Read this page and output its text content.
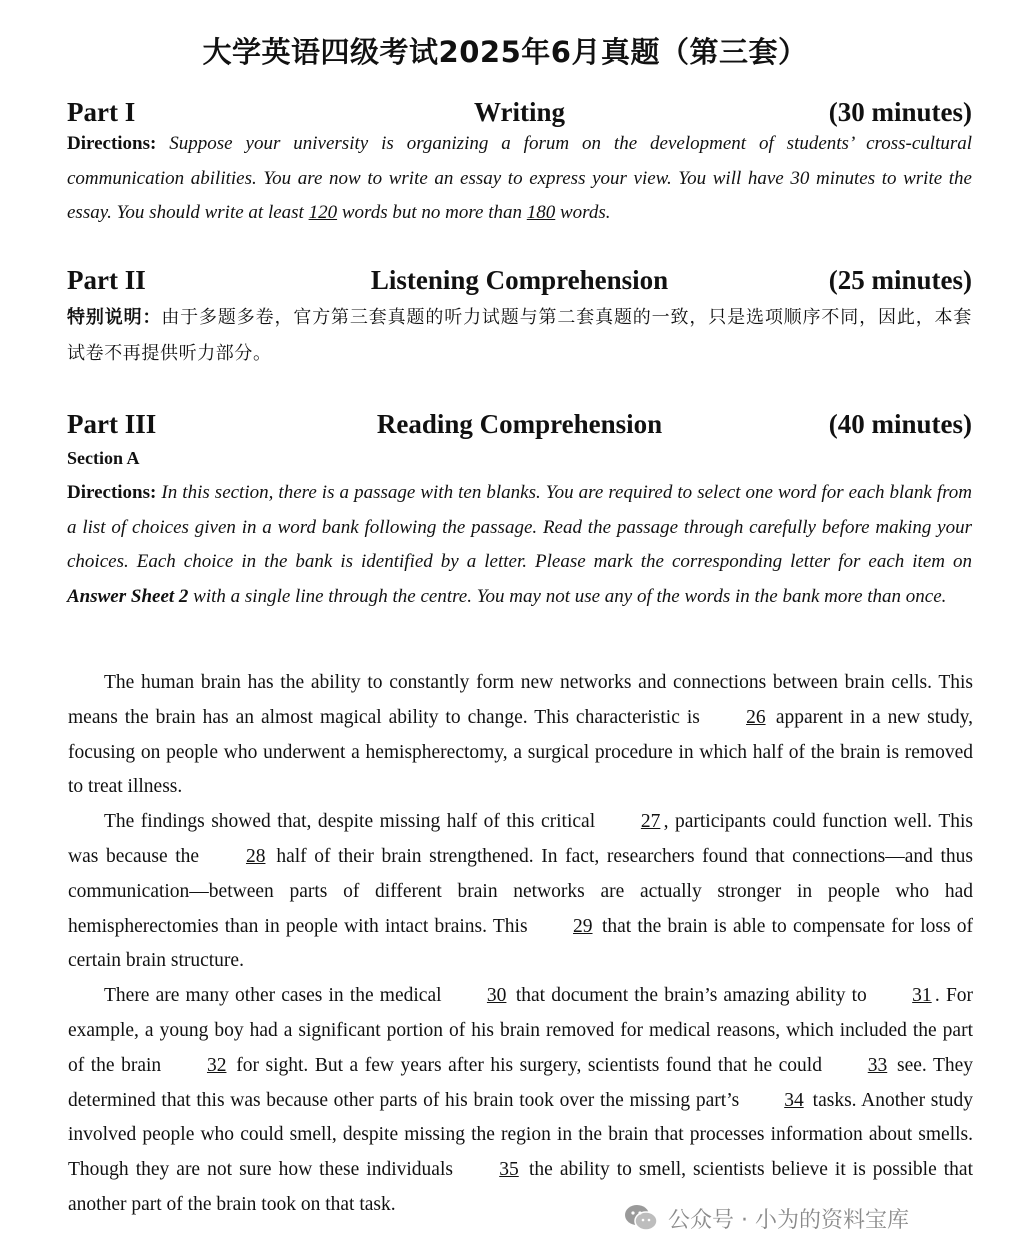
大学英语四级考试2025年6月真题（第三套）
Part I	Writing	(30 minutes)
Directions: Suppose your university is organizing a forum on the development of students’ cross-cultural communication abilities. You are now to write an essay to express your view. You will have 30 minutes to write the essay. You should write at least 120 words but no more than 180 words.
Part II	Listening Comprehension	(25 minutes)
特别说明：由于多题多卷，官方第三套真题的听力试题与第二套真题的一致，只是选项顺序不同，因此，本套试卷不再提供听力部分。
Part III	Reading Comprehension	(40 minutes)
Section A
Directions: In this section, there is a passage with ten blanks. You are required to select one word for each blank from a list of choices given in a word bank following the passage. Read the passage through carefully before making your choices. Each choice in the bank is identified by a letter. Please mark the corresponding letter for each item on Answer Sheet 2 with a single line through the centre. You may not use any of the words in the bank more than once.

The human brain has the ability to constantly form new networks and connections between brain cells. This means the brain has an almost magical ability to change. This characteristic is 26 apparent in a new study, focusing on people who underwent a hemispherectomy, a surgical procedure in which half of the brain is removed to treat illness.

The findings showed that, despite missing half of this critical 27 , participants could function well. This was because the 28 half of their brain strengthened. In fact, researchers found that connections—and thus communication—between parts of different brain networks are actually stronger in people who had hemispherectomies than in people with intact brains. This 29 that the brain is able to compensate for loss of certain brain structure.

There are many other cases in the medical 30 that document the brain’s amazing ability to 31 . For example, a young boy had a significant portion of his brain removed for medical reasons, which included the part of the brain 32 for sight. But a few years after his surgery, scientists found that he could 33 see. They determined that this was because other parts of his brain took over the missing part’s 34 tasks. Another study involved people who could smell, despite missing the region in the brain that processes information about smells. Though they are not sure how these individuals 35 the ability to smell, scientists believe it is possible that another part of the brain took on that task.

公众号 · 小为的资料宝库
